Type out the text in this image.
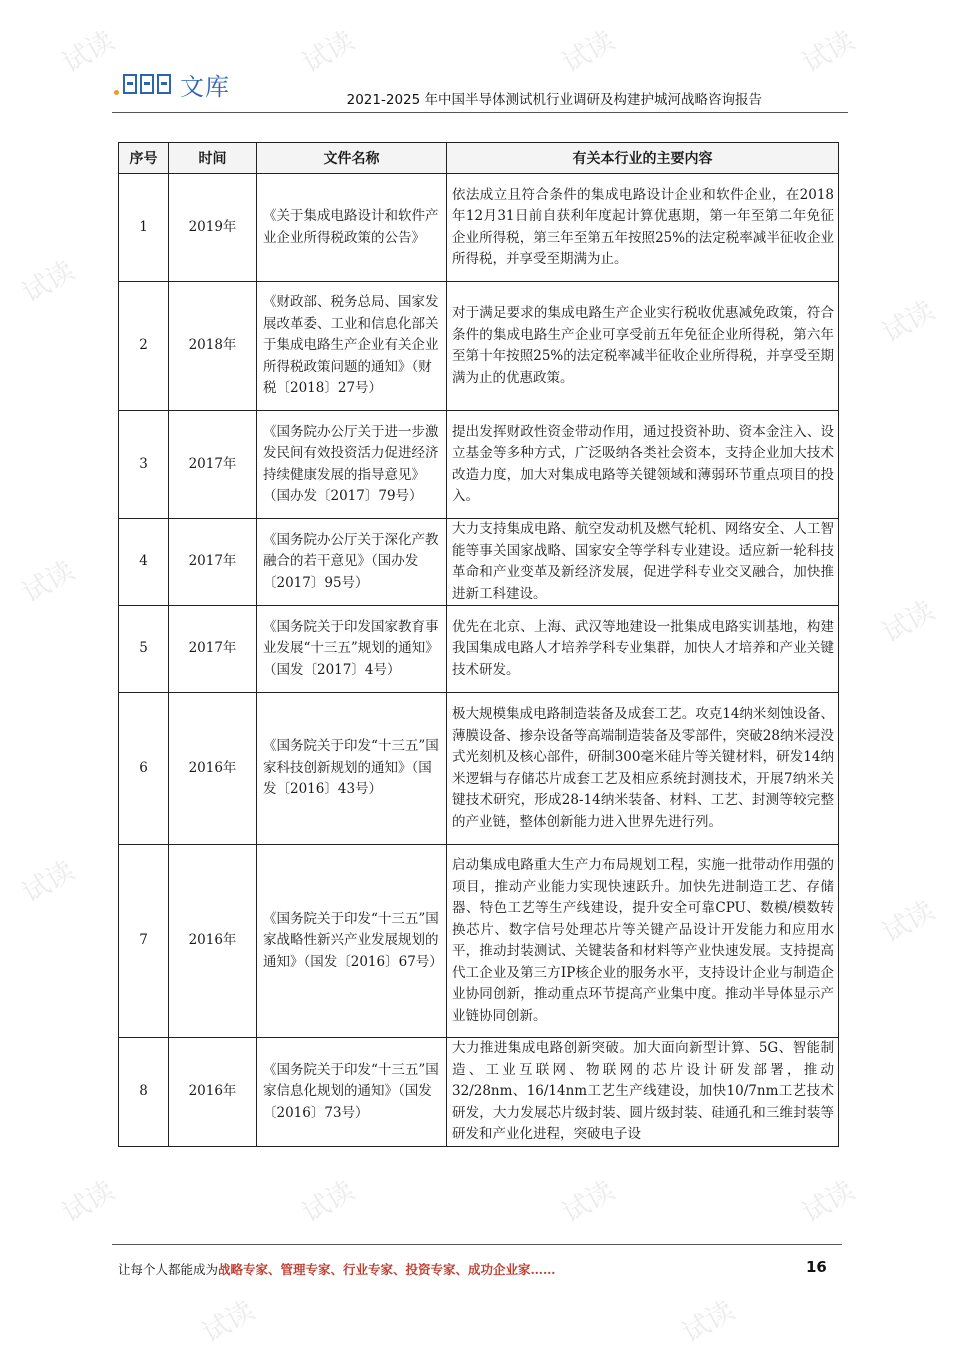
试读	试读	试读	试读
试读
试读
试读
试读
试读
试读
试读	试读	试读	试读
试读	试读
文库	2021-2025 年中国半导体测试机行业调研及构建护城河战略咨询报告
序号	时间	文件名称	有关本行业的主要内容
1	2019年	《关于集成电路设计和软件产业企业所得税政策的公告》	依法成立且符合条件的集成电路设计企业和软件企业，在2018年12月31日前自获利年度起计算优惠期，第一年至第二年免征企业所得税，第三年至第五年按照25%的法定税率减半征收企业所得税，并享受至期满为止。
2	2018年	《财政部、税务总局、国家发展改革委、工业和信息化部关于集成电路生产企业有关企业所得税政策问题的通知》（财税〔2018〕27号）	对于满足要求的集成电路生产企业实行税收优惠减免政策，符合条件的集成电路生产企业可享受前五年免征企业所得税，第六年至第十年按照25%的法定税率减半征收企业所得税，并享受至期满为止的优惠政策。
3	2017年	《国务院办公厅关于进一步激发民间有效投资活力促进经济持续健康发展的指导意见》（国办发〔2017〕79号）	提出发挥财政性资金带动作用，通过投资补助、资本金注入、设立基金等多种方式，广泛吸纳各类社会资本，支持企业加大技术改造力度，加大对集成电路等关键领域和薄弱环节重点项目的投入。
4	2017年	《国务院办公厅关于深化产教融合的若干意见》（国办发〔2017〕95号）	大力支持集成电路、航空发动机及燃气轮机、网络安全、人工智能等事关国家战略、国家安全等学科专业建设。适应新一轮科技革命和产业变革及新经济发展，促进学科专业交叉融合，加快推进新工科建设。
5	2017年	《国务院关于印发国家教育事业发展“十三五”规划的通知》（国发〔2017〕4号）	优先在北京、上海、武汉等地建设一批集成电路实训基地，构建我国集成电路人才培养学科专业集群，加快人才培养和产业关键技术研发。
6	2016年	《国务院关于印发“十三五”国家科技创新规划的通知》（国发〔2016〕43号）	极大规模集成电路制造装备及成套工艺。攻克14纳米刻蚀设备、薄膜设备、掺杂设备等高端制造装备及零部件，突破28纳米浸没式光刻机及核心部件，研制300毫米硅片等关键材料，研发14纳米逻辑与存储芯片成套工艺及相应系统封测技术，开展7纳米关键技术研究，形成28-14纳米装备、材料、工艺、封测等较完整的产业链，整体创新能力进入世界先进行列。
7	2016年	《国务院关于印发“十三五”国家战略性新兴产业发展规划的通知》（国发〔2016〕67号）	启动集成电路重大生产力布局规划工程，实施一批带动作用强的项目，推动产业能力实现快速跃升。加快先进制造工艺、存储器、特色工艺等生产线建设，提升安全可靠CPU、数模/模数转换芯片、数字信号处理芯片等关键产品设计开发能力和应用水平，推动封装测试、关键装备和材料等产业快速发展。支持提高代工企业及第三方IP核企业的服务水平，支持设计企业与制造企业协同创新，推动重点环节提高产业集中度。推动半导体显示产业链协同创新。
8	2016年	《国务院关于印发“十三五”国家信息化规划的通知》（国发〔2016〕73号）	大力推进集成电路创新突破。加大面向新型计算、5G、智能制造、工业互联网、物联网的芯片设计研发部署，推动32/28nm、16/14nm工艺生产线建设，加快10/7nm工艺技术研发，大力发展芯片级封装、圆片级封装、硅通孔和三维封装等研发和产业化进程，突破电子设
让每个人都能成为战略专家、管理专家、行业专家、投资专家、成功企业家……	16
